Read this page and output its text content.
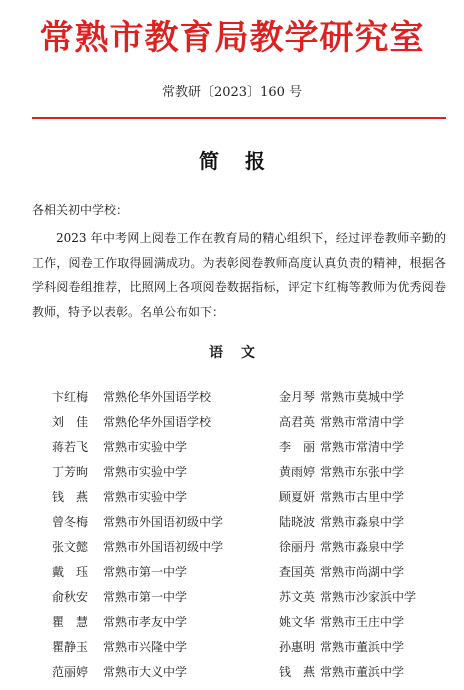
常熟市教育局教学研究室
常教研〔2023〕160 号
简报
各相关初中学校：

2023 年中考网上阅卷工作在教育局的精心组织下，经过评卷教师辛勤的工作，阅卷工作取得圆满成功。为表彰阅卷教师高度认真负责的精神，根据各学科阅卷组推荐，比照网上各项阅卷数据指标，评定卞红梅等教师为优秀阅卷教师，特予以表彰。名单公布如下：

语文
卞红梅 常熟伦华外国语学校	金月琴 常熟市莫城中学
刘　佳 常熟伦华外国语学校	高君英 常熟市常清中学
蒋若飞 常熟市实验中学	李　丽 常熟市常清中学
丁芳昫 常熟市实验中学	黄雨婷 常熟市东张中学
钱　燕 常熟市实验中学	顾夏妍 常熟市古里中学
曾冬梅 常熟市外国语初级中学	陆晓波 常熟市淼泉中学
张文懿 常熟市外国语初级中学	徐丽丹 常熟市淼泉中学
戴　珏 常熟市第一中学	查国英 常熟市尚湖中学
俞秋安 常熟市第一中学	苏文英 常熟市沙家浜中学
瞿　慧 常熟市孝友中学	姚文华 常熟市王庄中学
瞿静玉 常熟市兴隆中学	孙惠明 常熟市董浜中学
范丽婷 常熟市大义中学	钱　燕 常熟市董浜中学
